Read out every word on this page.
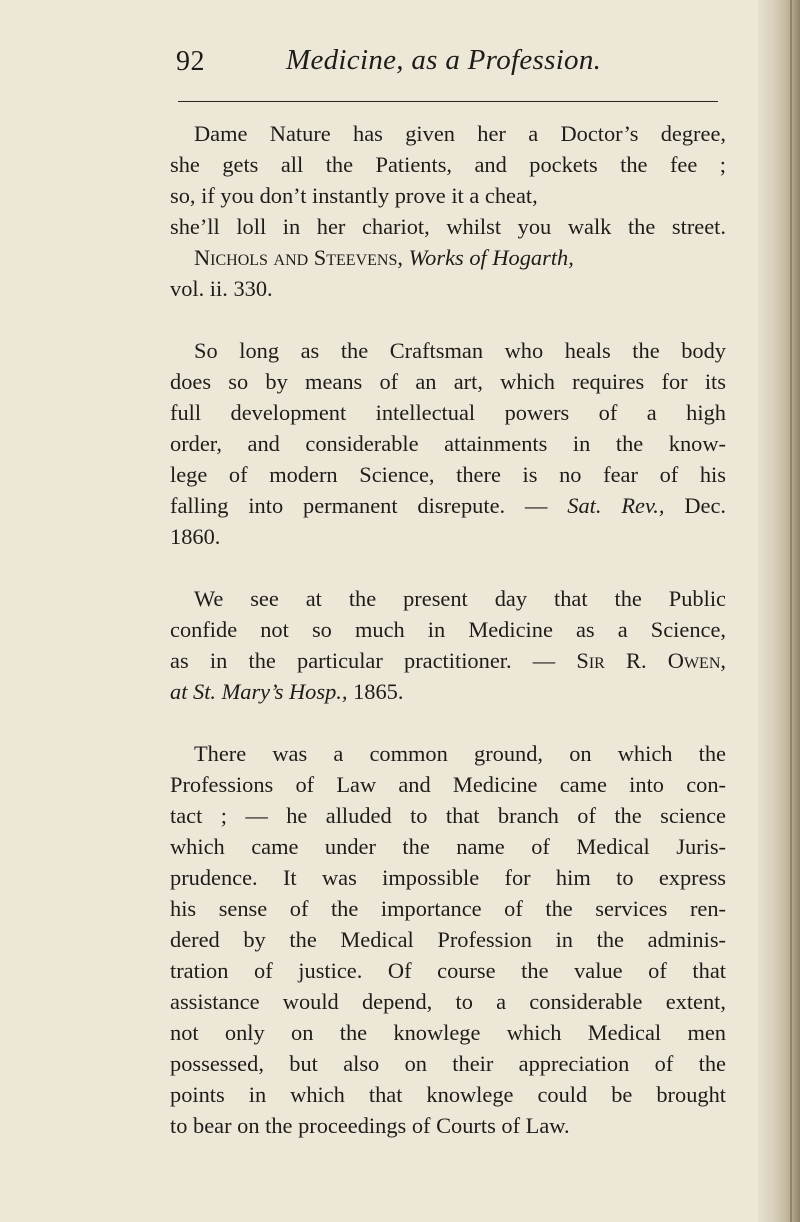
92	Medicine, as a Profession.
Dame Nature has given her a Doctor’s degree,
she gets all the Patients, and pockets the fee ;
so, if you don’t instantly prove it a cheat,
she’ll loll in her chariot, whilst you walk the street.
Nichols and Steevens, Works of Hogarth,
vol. ii. 330.
So long as the Craftsman who heals the body
does so by means of an art, which requires for its
full development intellectual powers of a high
order, and considerable attainments in the know-
lege of modern Science, there is no fear of his
falling into permanent disrepute. — Sat. Rev., Dec.
1860.
We see at the present day that the Public
confide not so much in Medicine as a Science,
as in the particular practitioner. — Sir R. Owen,
at St. Mary’s Hosp., 1865.
There was a common ground, on which the
Professions of Law and Medicine came into con-
tact ; — he alluded to that branch of the science
which came under the name of Medical Juris-
prudence. It was impossible for him to express
his sense of the importance of the services ren-
dered by the Medical Profession in the adminis-
tration of justice. Of course the value of that
assistance would depend, to a considerable extent,
not only on the knowlege which Medical men
possessed, but also on their appreciation of the
points in which that knowlege could be brought
to bear on the proceedings of Courts of Law.
